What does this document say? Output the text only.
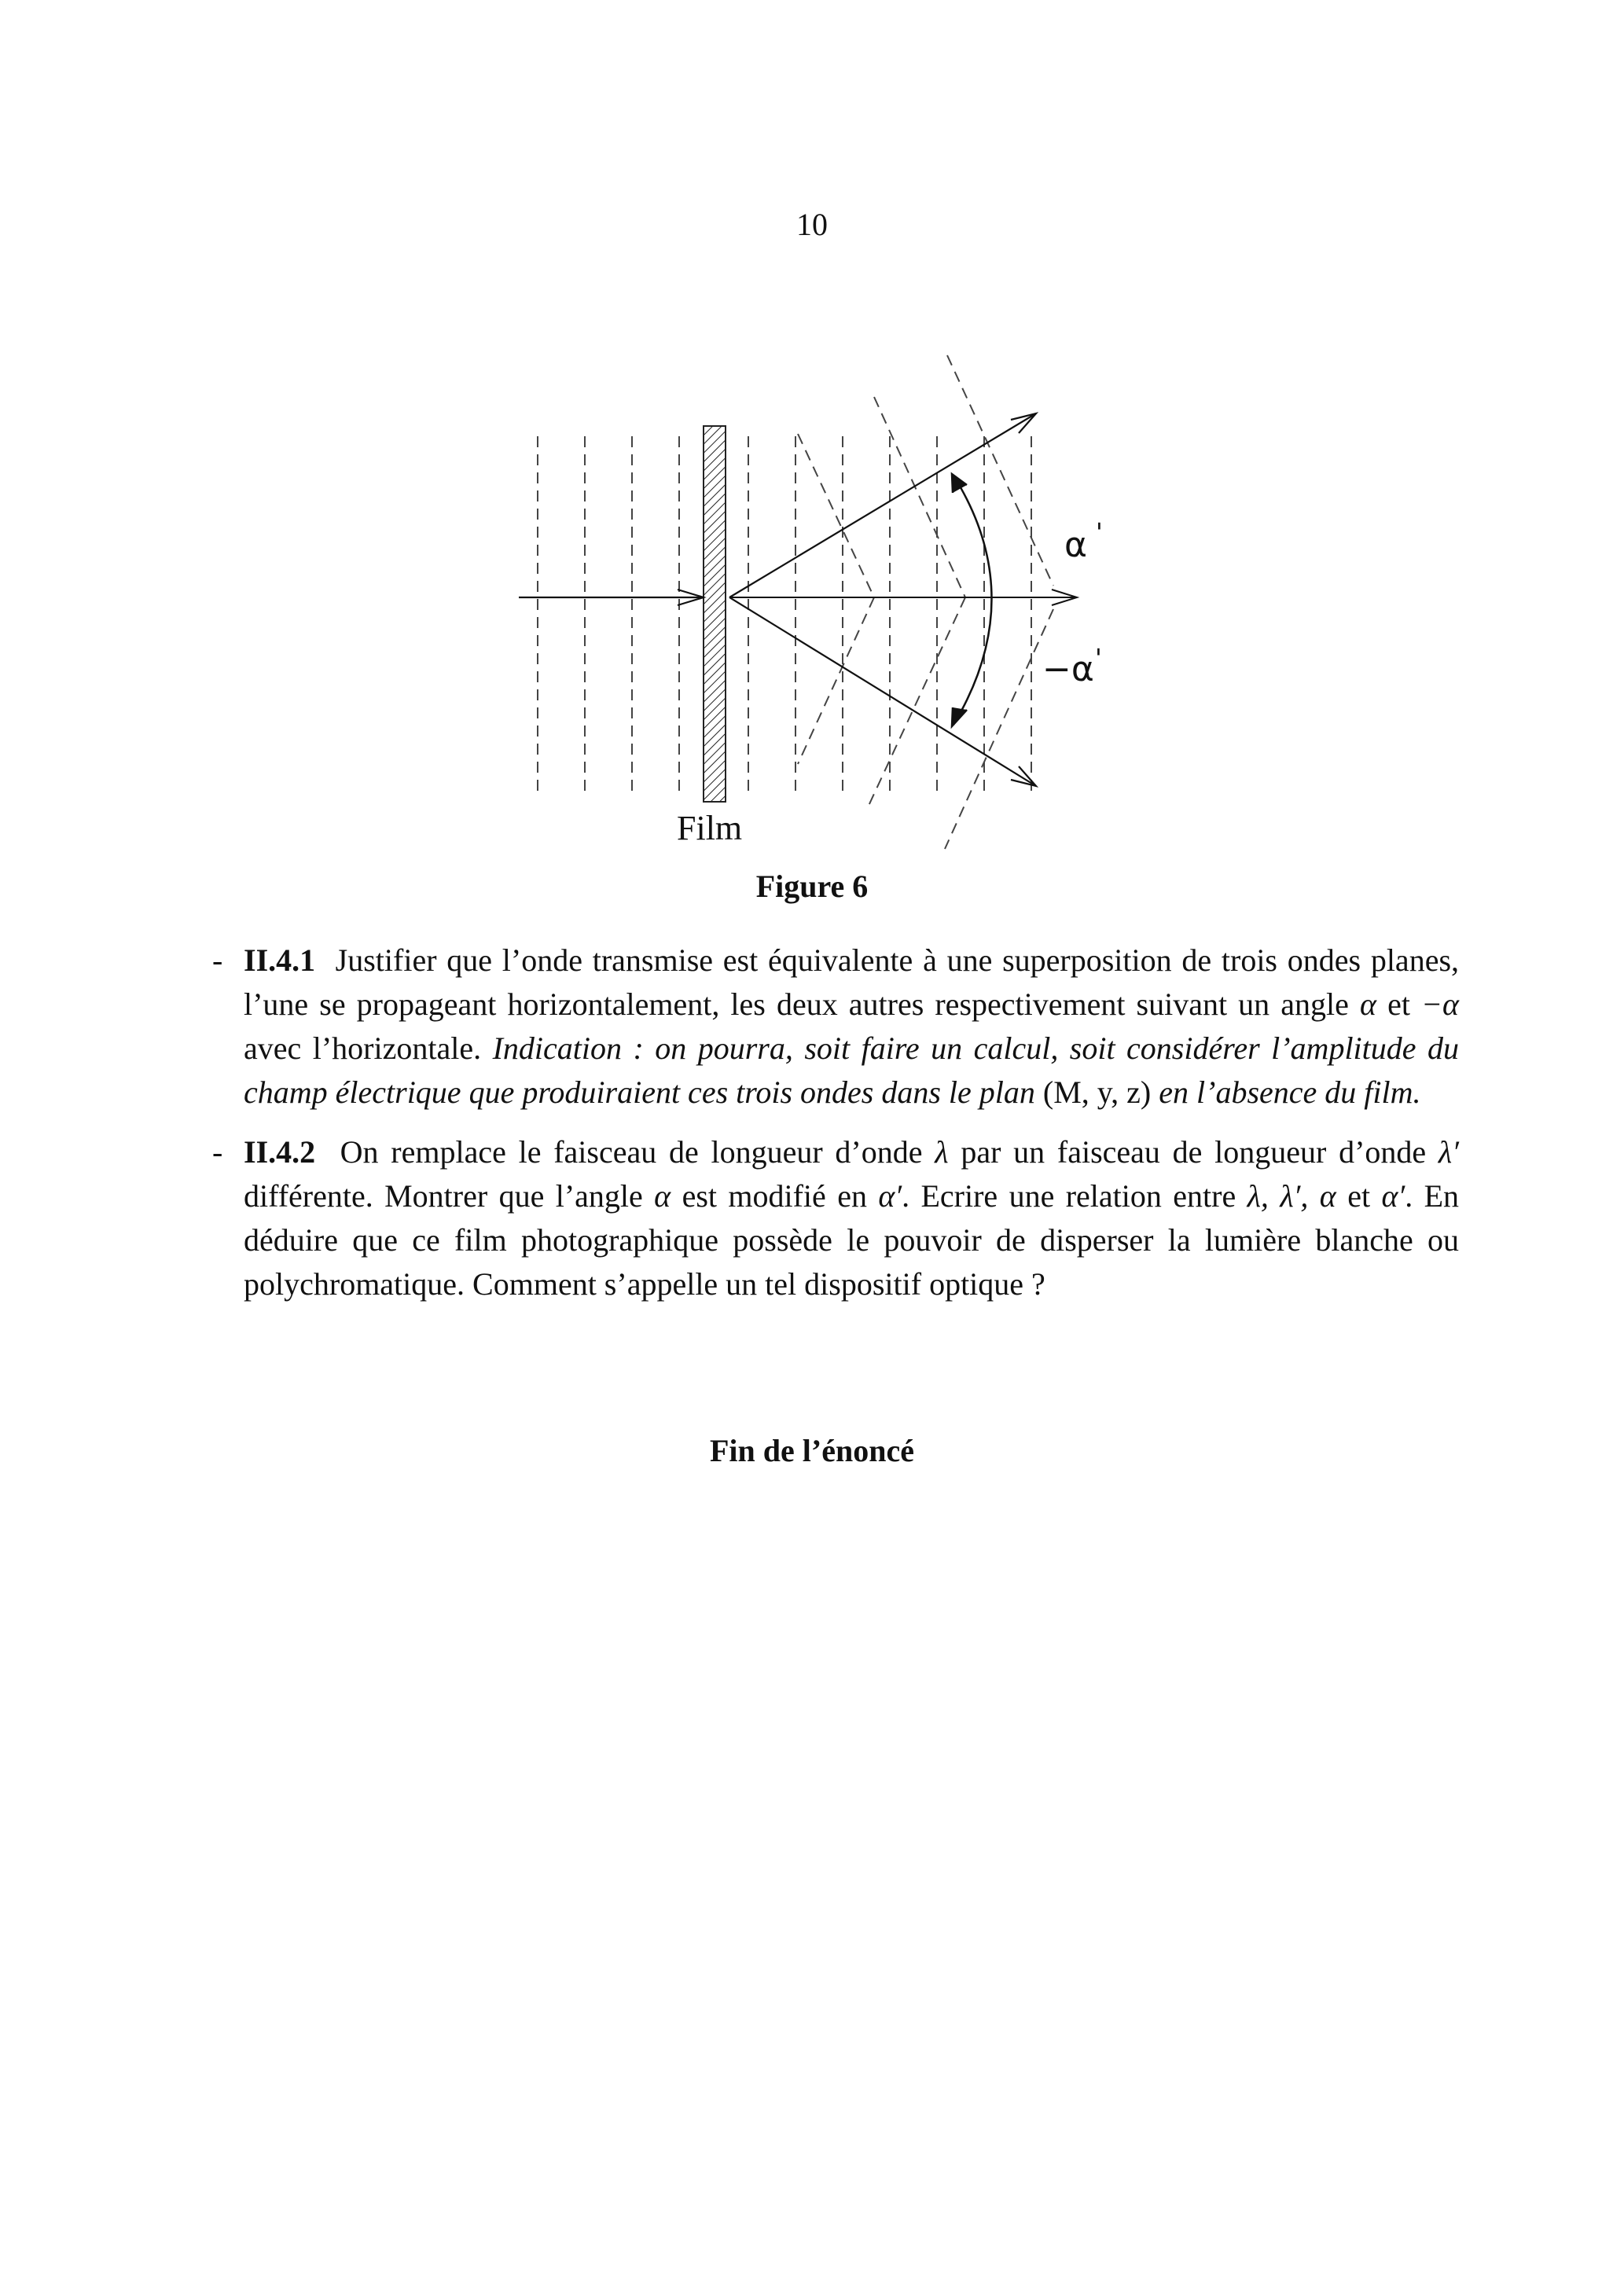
10
α '
−α '
Film
Figure 6
- II.4.1 Justifier que l’onde transmise est équivalente à une superposition de trois ondes planes, l’une se propageant horizontalement, les deux autres respectivement suivant un angle α et −α avec l’horizontale. Indication : on pourra, soit faire un calcul, soit considérer l’amplitude du champ électrique que produiraient ces trois ondes dans le plan (M, y, z) en l’absence du film.
- II.4.2 On remplace le faisceau de longueur d’onde λ par un faisceau de longueur d’onde λ′ différente. Montrer que l’angle α est modifié en α′. Ecrire une relation entre λ, λ′, α et α′. En déduire que ce film photographique possède le pouvoir de disperser la lumière blanche ou polychromatique. Comment s’appelle un tel dispositif optique ?
Fin de l’énoncé
